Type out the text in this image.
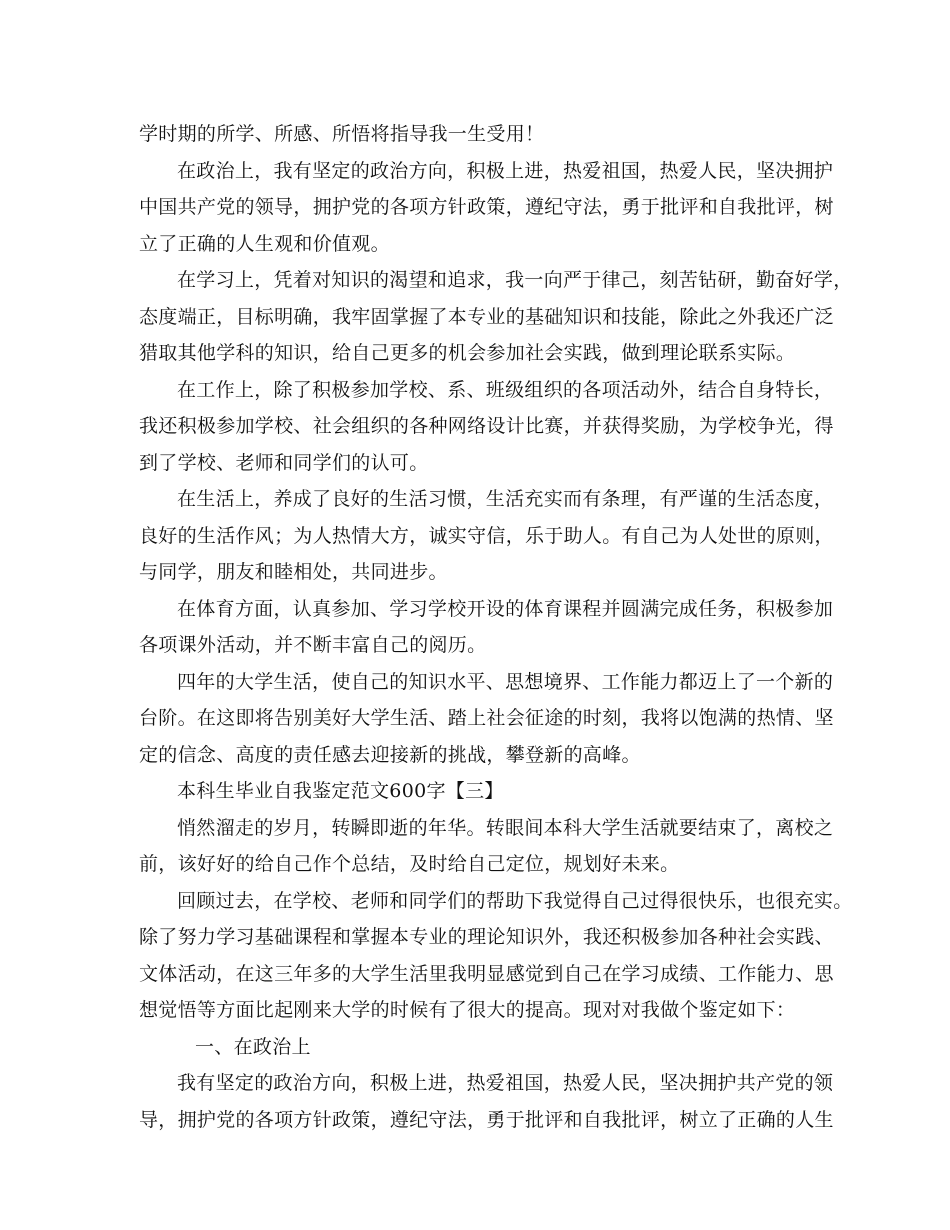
学时期的所学、所感、所悟将指导我一生受用！
在政治上，我有坚定的政治方向，积极上进，热爱祖国，热爱人民，坚决拥护
中国共产党的领导，拥护党的各项方针政策，遵纪守法，勇于批评和自我批评，树
立了正确的人生观和价值观。
在学习上，凭着对知识的渴望和追求，我一向严于律己，刻苦钻研，勤奋好学，
态度端正，目标明确，我牢固掌握了本专业的基础知识和技能，除此之外我还广泛
猎取其他学科的知识，给自己更多的机会参加社会实践，做到理论联系实际。
在工作上，除了积极参加学校、系、班级组织的各项活动外，结合自身特长，
我还积极参加学校、社会组织的各种网络设计比赛，并获得奖励，为学校争光，得
到了学校、老师和同学们的认可。
在生活上，养成了良好的生活习惯，生活充实而有条理，有严谨的生活态度，
良好的生活作风；为人热情大方，诚实守信，乐于助人。有自己为人处世的原则，
与同学，朋友和睦相处，共同进步。
在体育方面，认真参加、学习学校开设的体育课程并圆满完成任务，积极参加
各项课外活动，并不断丰富自己的阅历。
四年的大学生活，使自己的知识水平、思想境界、工作能力都迈上了一个新的
台阶。在这即将告别美好大学生活、踏上社会征途的时刻，我将以饱满的热情、坚
定的信念、高度的责任感去迎接新的挑战，攀登新的高峰。
本科生毕业自我鉴定范文600字【三】
悄然溜走的岁月，转瞬即逝的年华。转眼间本科大学生活就要结束了，离校之
前，该好好的给自己作个总结，及时给自己定位，规划好未来。
回顾过去，在学校、老师和同学们的帮助下我觉得自己过得很快乐，也很充实。
除了努力学习基础课程和掌握本专业的理论知识外，我还积极参加各种社会实践、
文体活动，在这三年多的大学生活里我明显感觉到自己在学习成绩、工作能力、思
想觉悟等方面比起刚来大学的时候有了很大的提高。现对对我做个鉴定如下：
一、在政治上
我有坚定的政治方向，积极上进，热爱祖国，热爱人民，坚决拥护共产党的领
导，拥护党的各项方针政策，遵纪守法，勇于批评和自我批评，树立了正确的人生
